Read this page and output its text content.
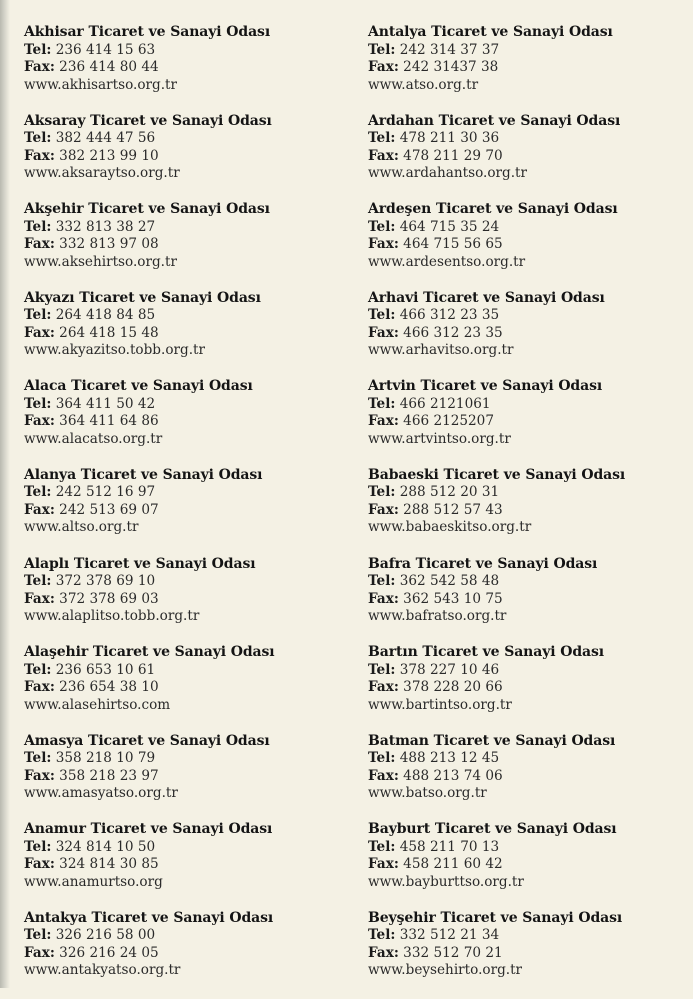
Akhisar Ticaret ve Sanayi Odası
Tel: 236 414 15 63
Fax: 236 414 80 44
www.akhisartso.org.tr
Aksaray Ticaret ve Sanayi Odası
Tel: 382 444 47 56
Fax: 382 213 99 10
www.aksaraytso.org.tr
Akşehir Ticaret ve Sanayi Odası
Tel: 332 813 38 27
Fax: 332 813 97 08
www.aksehirtso.org.tr
Akyazı Ticaret ve Sanayi Odası
Tel: 264 418 84 85
Fax: 264 418 15 48
www.akyazitso.tobb.org.tr
Alaca Ticaret ve Sanayi Odası
Tel: 364 411 50 42
Fax: 364 411 64 86
www.alacatso.org.tr
Alanya Ticaret ve Sanayi Odası
Tel: 242 512 16 97
Fax: 242 513 69 07
www.altso.org.tr
Alaplı Ticaret ve Sanayi Odası
Tel: 372 378 69 10
Fax: 372 378 69 03
www.alaplitso.tobb.org.tr
Alaşehir Ticaret ve Sanayi Odası
Tel: 236 653 10 61
Fax: 236 654 38 10
www.alasehirtso.com
Amasya Ticaret ve Sanayi Odası
Tel: 358 218 10 79
Fax: 358 218 23 97
www.amasyatso.org.tr
Anamur Ticaret ve Sanayi Odası
Tel: 324 814 10 50
Fax: 324 814 30 85
www.anamurtso.org
Antakya Ticaret ve Sanayi Odası
Tel: 326 216 58 00
Fax: 326 216 24 05
www.antakyatso.org.tr
Antalya Ticaret ve Sanayi Odası
Tel: 242 314 37 37
Fax: 242 31437 38
www.atso.org.tr
Ardahan Ticaret ve Sanayi Odası
Tel: 478 211 30 36
Fax: 478 211 29 70
www.ardahantso.org.tr
Ardeşen Ticaret ve Sanayi Odası
Tel: 464 715 35 24
Fax: 464 715 56 65
www.ardesentso.org.tr
Arhavi Ticaret ve Sanayi Odası
Tel: 466 312 23 35
Fax: 466 312 23 35
www.arhavitso.org.tr
Artvin Ticaret ve Sanayi Odası
Tel: 466 2121061
Fax: 466 2125207
www.artvintso.org.tr
Babaeski Ticaret ve Sanayi Odası
Tel: 288 512 20 31
Fax: 288 512 57 43
www.babaeskitso.org.tr
Bafra Ticaret ve Sanayi Odası
Tel: 362 542 58 48
Fax: 362 543 10 75
www.bafratso.org.tr
Bartın Ticaret ve Sanayi Odası
Tel: 378 227 10 46
Fax: 378 228 20 66
www.bartintso.org.tr
Batman Ticaret ve Sanayi Odası
Tel: 488 213 12 45
Fax: 488 213 74 06
www.batso.org.tr
Bayburt Ticaret ve Sanayi Odası
Tel: 458 211 70 13
Fax: 458 211 60 42
www.bayburttso.org.tr
Beyşehir Ticaret ve Sanayi Odası
Tel: 332 512 21 34
Fax: 332 512 70 21
www.beysehirto.org.tr
